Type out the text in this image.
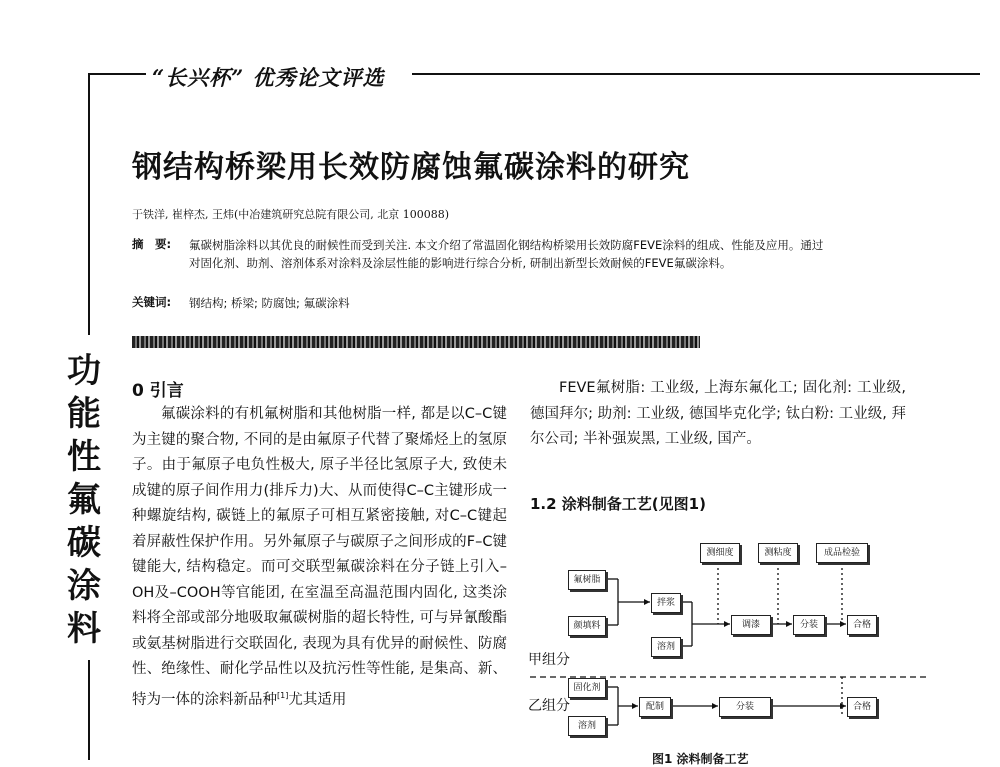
“长兴杯” 优秀论文评选
功
能
性
氟
碳
涂
料
钢结构桥梁用长效防腐蚀氟碳涂料的研究
于铁洋, 崔梓杰, 王炜(中冶建筑研究总院有限公司, 北京 100088)
摘　要: 氟碳树脂涂料以其优良的耐候性而受到关注. 本文介绍了常温固化钢结构桥梁用长效防腐FEVE涂料的组成、性能及应用。通过对固化剂、助剂、溶剂体系对涂料及涂层性能的影响进行综合分析, 研制出新型长效耐候的FEVE氟碳涂料。
关键词: 钢结构; 桥梁; 防腐蚀; 氟碳涂料
0 引言
氟碳涂料的有机氟树脂和其他树脂一样, 都是以C–C键为主键的聚合物, 不同的是由氟原子代替了聚烯烃上的氢原子。由于氟原子电负性极大, 原子半径比氢原子大, 致使未成键的原子间作用力(排斥力)大、从而使得C–C主键形成一种螺旋结构, 碳链上的氟原子可相互紧密接触, 对C–C键起着屏蔽性保护作用。另外氟原子与碳原子之间形成的F–C键键能大, 结构稳定。而可交联型氟碳涂料在分子链上引入–OH及–COOH等官能团, 在室温至高温范围内固化, 这类涂料将全部或部分地吸取氟碳树脂的超长特性, 可与异氰酸酯或氨基树脂进行交联固化, 表现为具有优异的耐候性、防腐性、绝缘性、耐化学品性以及抗污性等性能, 是集高、新、特为一体的涂料新品种[1]尤其适用
FEVE氟树脂: 工业级, 上海东氟化工; 固化剂: 工业级, 德国拜尔; 助剂: 工业级, 德国毕克化学; 钛白粉: 工业级, 拜尔公司; 半补强炭黑, 工业级, 国产。
1.2 涂料制备工艺(见图1)
氟树脂
颜填料
拌浆
溶剂
测细度	测粘度	成品检验
调漆	分装	合格
固化剂
溶剂
配制	分装	合格
甲组分
乙组分
图1 涂料制备工艺
